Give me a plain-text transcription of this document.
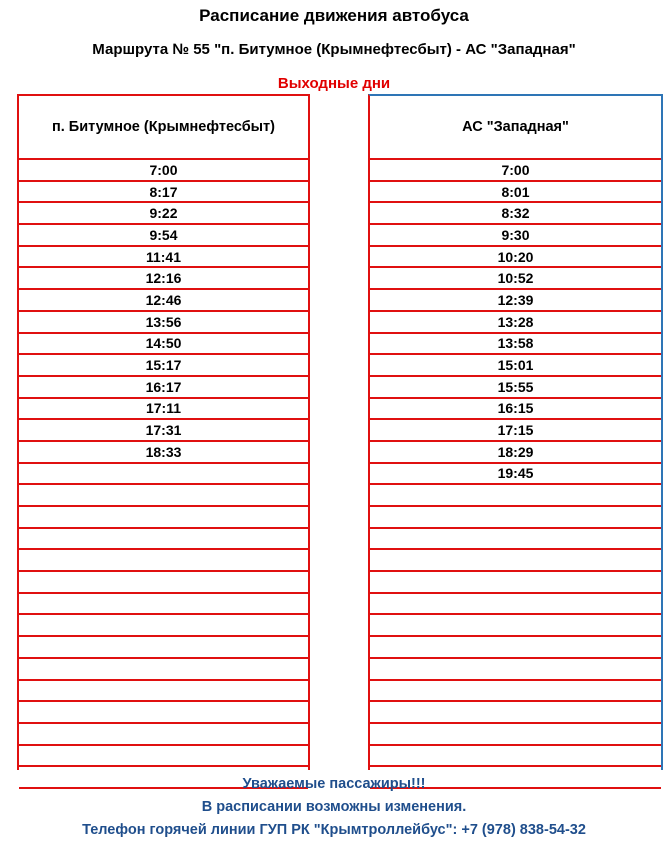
Расписание движения автобуса
Маршрута № 55 "п. Битумное (Крымнефтесбыт) - АС "Западная"
Выходные дни
п. Битумное (Крымнефтесбыт)
7:00
8:17
9:22
9:54
11:41
12:16
12:46
13:56
14:50
15:17
16:17
17:11
17:31
18:33
АС "Западная"
7:00
8:01
8:32
9:30
10:20
10:52
12:39
13:28
13:58
15:01
15:55
16:15
17:15
18:29
19:45
Уважаемые пассажиры!!!
В расписании возможны изменения.
Телефон горячей линии ГУП РК "Крымтроллейбус": +7 (978) 838-54-32
